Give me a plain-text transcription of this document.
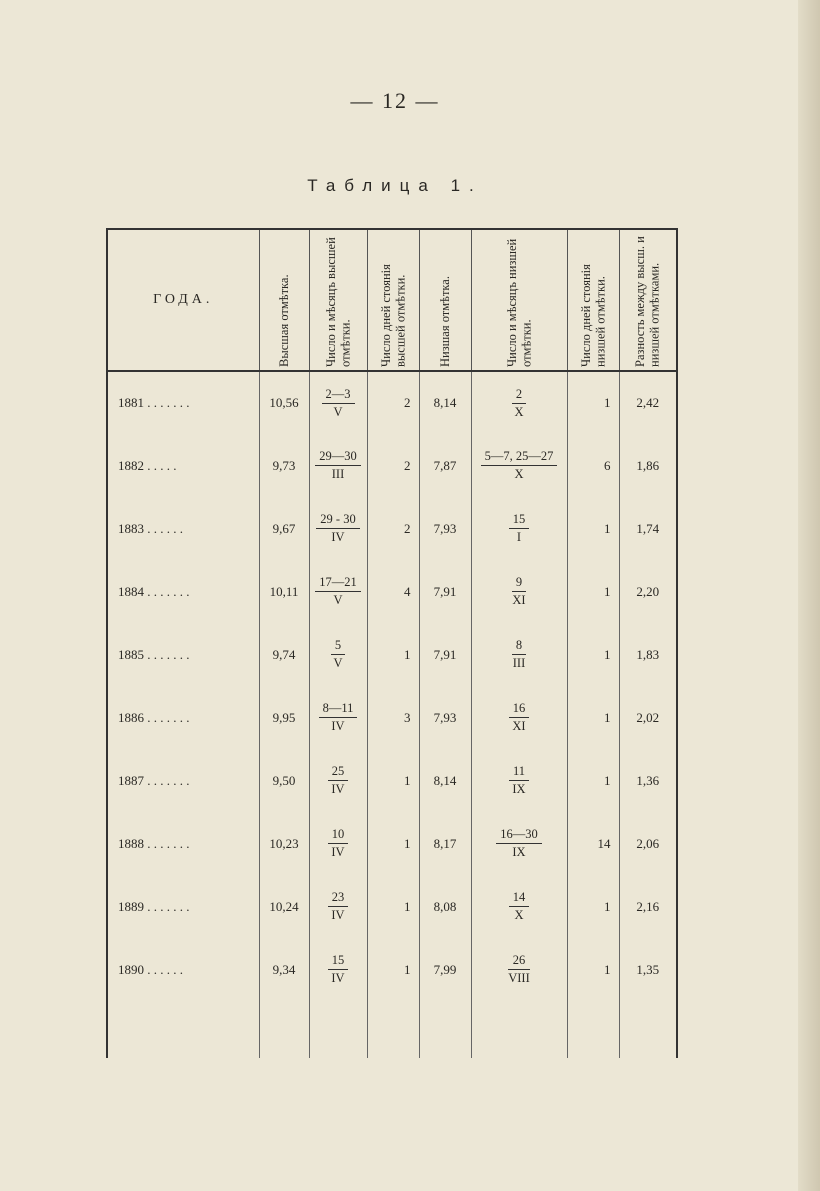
— 12 —
Таблица 1.
ГОДА.	Высшая отмѣтка.	Число и мѣсяцъ высшей отмѣтки.	Число дней стоянія высшей отмѣтки.	Низшая отмѣтка.	Число и мѣсяцъ низшей отмѣтки.	Число дней стоянія низшей отмѣтки.	Разность между высш. и низшей отмѣтками.

1881 . . . . . . .	10,56	$\frac{2—3}{V}$	2	8,14	$\frac{2}{X}$	1	2,42
1882 . . . . .	9,73	$\frac{29—30}{\text{III}}$	2	7,87	$\frac{5—7, 25—27}{X}$	6	1,86
1883 . . . . . .	9,67	$\frac{29 - 30}{IV}$	2	7,93	$\frac{15}{I}$	1	1,74
1884 . . . . . . .	10,11	$\frac{17—21}{V}$	4	7,91	$\frac{9}{XI}$	1	2,20
1885 . . . . . . .	9,74	$\frac{5}{V}$	1	7,91	$\frac{8}{\text{III}}$	1	1,83
1886 . . . . . . .	9,95	$\frac{8—11}{IV}$	3	7,93	$\frac{16}{XI}$	1	2,02
1887 . . . . . . .	9,50	$\frac{25}{IV}$	1	8,14	$\frac{11}{IX}$	1	1,36
1888 . . . . . . .	10,23	$\frac{10}{IV}$	1	8,17	$\frac{16—30}{IX}$	14	2,06
1889 . . . . . . .	10,24	$\frac{23}{IV}$	1	8,08	$\frac{14}{X}$	1	2,16
1890 . . . . . .	9,34	$\frac{15}{IV}$	1	7,99	$\frac{26}{\text{VIII}}$	1	1,35
